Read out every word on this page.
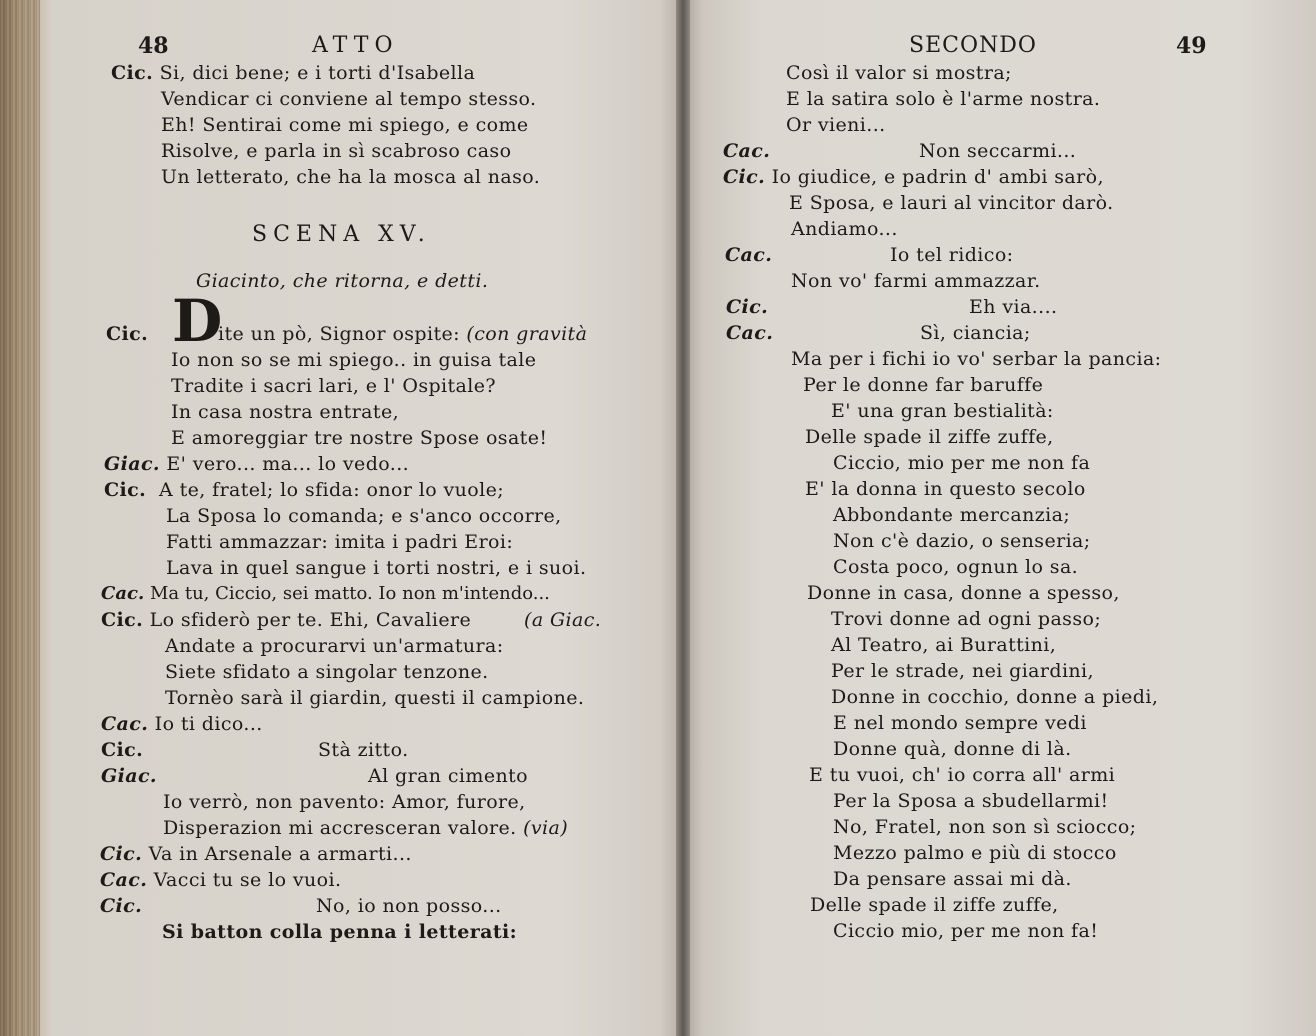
48	ATTO
Cic. Si, dici bene; e i torti d'Isabella
Vendicar ci conviene al tempo stesso.
Eh! Sentirai come mi spiego, e come
Risolve, e parla in sì scabroso caso
Un letterato, che ha la mosca al naso.
SCENA XV.
Giacinto, che ritorna, e detti.
Cic. D
ite un pò, Signor ospite: (con gravità
Io non so se mi spiego.. in guisa tale
Tradite i sacri lari, e l' Ospitale?
In casa nostra entrate,
E amoreggiar tre nostre Spose osate!
Giac. E' vero... ma... lo vedo...
Cic. A te, fratel; lo sfida: onor lo vuole;
La Sposa lo comanda; e s'anco occorre,
Fatti ammazzar: imita i padri Eroi:
Lava in quel sangue i torti nostri, e i suoi.
Cac. Ma tu, Ciccio, sei matto. Io non m'intendo...
Cic. Lo sfiderò per te. Ehi, Cavaliere	(a Giac.
Andate a procurarvi un'armatura:
Siete sfidato a singolar tenzone.
Tornèo sarà il giardin, questi il campione.
Cac. Io ti dico...
Cic.	Stà zitto.
Giac.	Al gran cimento
Io verrò, non pavento: Amor, furore,
Disperazion mi accresceran valore. (via)
Cic. Va in Arsenale a armarti...
Cac. Vacci tu se lo vuoi.
Cic.	No, io non posso...
Si batton colla penna i letterati:
SECONDO	49
Così il valor si mostra;
E la satira solo è l'arme nostra.
Or vieni...
Cac.	Non seccarmi...
Cic. Io giudice, e padrin d' ambi sarò,
E Sposa, e lauri al vincitor darò.
Andiamo...
Cac.	Io tel ridico:
Non vo' farmi ammazzar.
Cic.	Eh via....
Cac.	Sì, ciancia;
Ma per i fichi io vo' serbar la pancia:
Per le donne far baruffe
E' una gran bestialità:
Delle spade il ziffe zuffe,
Ciccio, mio per me non fa
E' la donna in questo secolo
Abbondante mercanzia;
Non c'è dazio, o senseria;
Costa poco, ognun lo sa.
Donne in casa, donne a spesso,
Trovi donne ad ogni passo;
Al Teatro, ai Burattini,
Per le strade, nei giardini,
Donne in cocchio, donne a piedi,
E nel mondo sempre vedi
Donne quà, donne di là.
E tu vuoi, ch' io corra all' armi
Per la Sposa a sbudellarmi!
No, Fratel, non son sì sciocco;
Mezzo palmo e più di stocco
Da pensare assai mi dà.
Delle spade il ziffe zuffe,
Ciccio mio, per me non fa!
